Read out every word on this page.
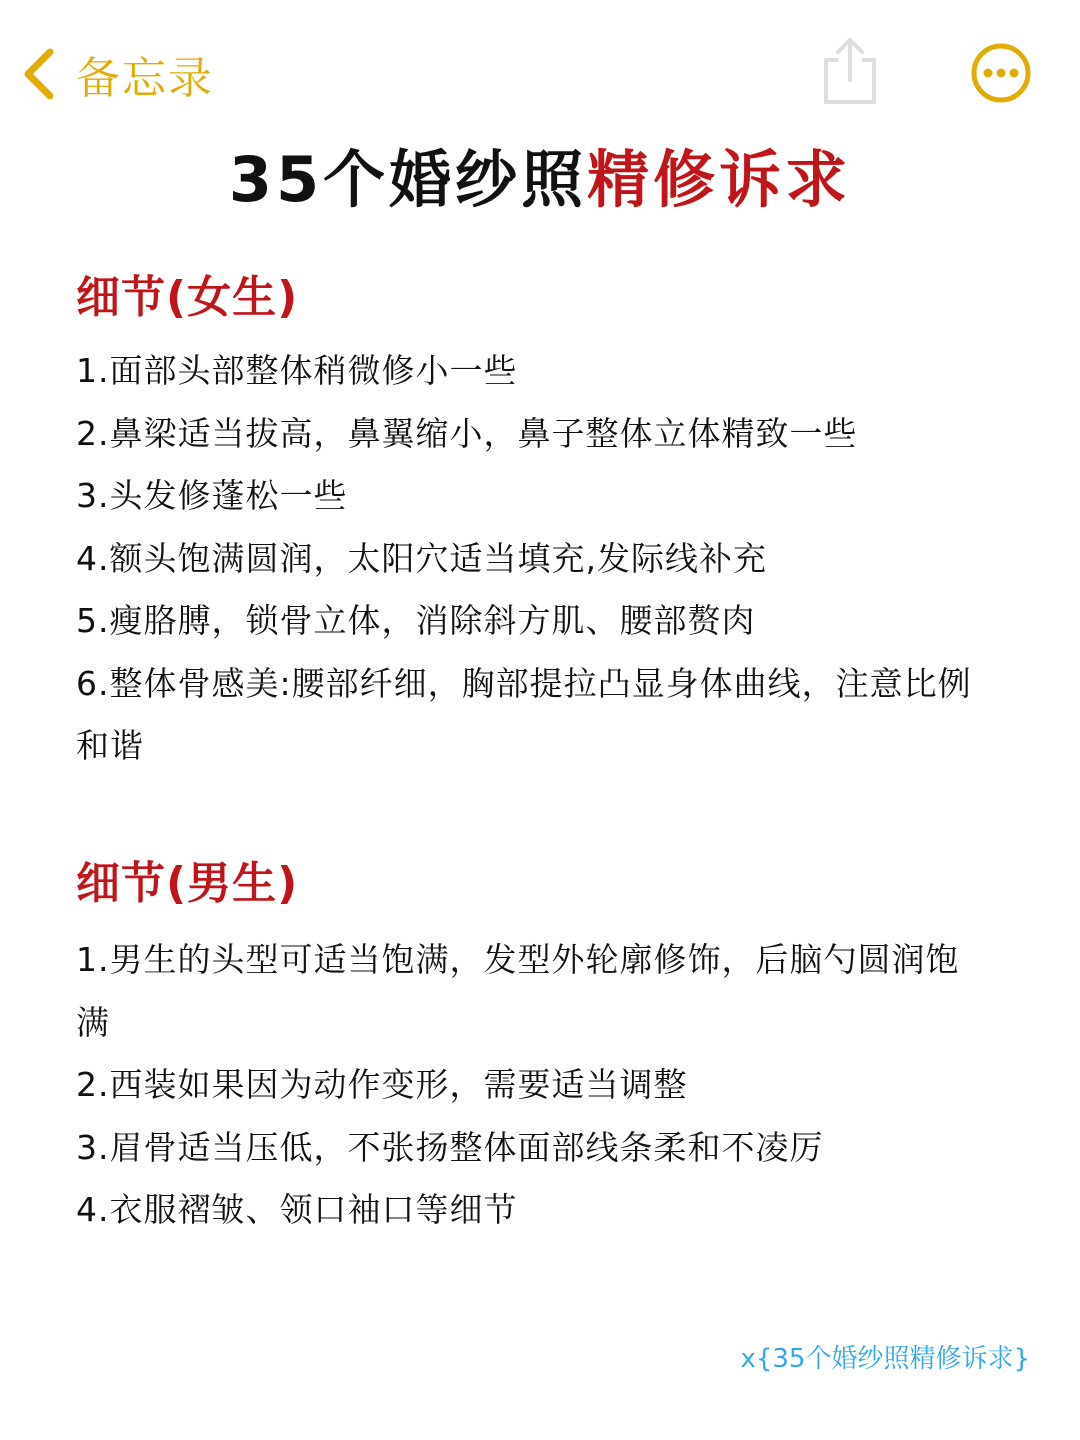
备忘录
35个婚纱照精修诉求
细节(女生)
1.面部头部整体稍微修小一些
2.鼻梁适当拔高，鼻翼缩小，鼻子整体立体精致一些
3.头发修蓬松一些
4.额头饱满圆润，太阳穴适当填充,发际线补充
5.瘦胳膊，锁骨立体，消除斜方肌、腰部赘肉
6.整体骨感美:腰部纤细，胸部提拉凸显身体曲线，注意比例和谐
细节(男生)
1.男生的头型可适当饱满，发型外轮廓修饰，后脑勺圆润饱满
2.西装如果因为动作变形，需要适当调整
3.眉骨适当压低，不张扬整体面部线条柔和不凌厉
4.衣服褶皱、领口袖口等细节
x{35个婚纱照精修诉求}
